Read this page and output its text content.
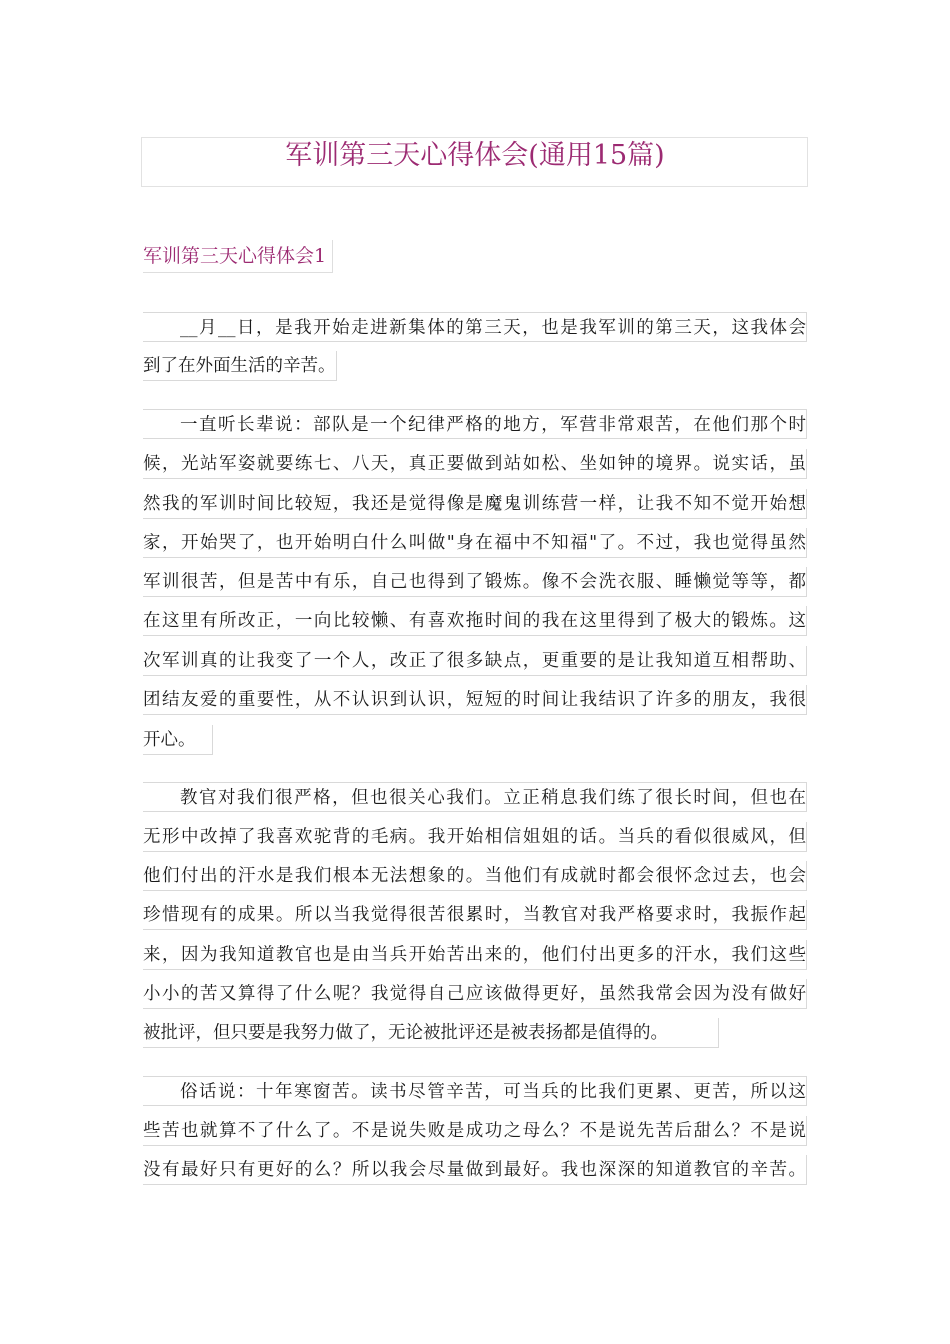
军训第三天心得体会(通用15篇)
军训第三天心得体会1
__月__日，是我开始走进新集体的第三天，也是我军训的第三天，这我体会
到了在外面生活的辛苦。
一直听长辈说：部队是一个纪律严格的地方，军营非常艰苦，在他们那个时
候，光站军姿就要练七、八天，真正要做到站如松、坐如钟的境界。说实话，虽
然我的军训时间比较短，我还是觉得像是魔鬼训练营一样，让我不知不觉开始想
家，开始哭了，也开始明白什么叫做"身在福中不知福"了。不过，我也觉得虽然
军训很苦，但是苦中有乐，自己也得到了锻炼。像不会洗衣服、睡懒觉等等，都
在这里有所改正，一向比较懒、有喜欢拖时间的我在这里得到了极大的锻炼。这
次军训真的让我变了一个人，改正了很多缺点，更重要的是让我知道互相帮助、
团结友爱的重要性，从不认识到认识，短短的时间让我结识了许多的朋友，我很
开心。
教官对我们很严格，但也很关心我们。立正稍息我们练了很长时间，但也在
无形中改掉了我喜欢驼背的毛病。我开始相信姐姐的话。当兵的看似很威风，但
他们付出的汗水是我们根本无法想象的。当他们有成就时都会很怀念过去，也会
珍惜现有的成果。所以当我觉得很苦很累时，当教官对我严格要求时，我振作起
来，因为我知道教官也是由当兵开始苦出来的，他们付出更多的汗水，我们这些
小小的苦又算得了什么呢？我觉得自己应该做得更好，虽然我常会因为没有做好
被批评，但只要是我努力做了，无论被批评还是被表扬都是值得的。
俗话说：十年寒窗苦。读书尽管辛苦，可当兵的比我们更累、更苦，所以这
些苦也就算不了什么了。不是说失败是成功之母么？不是说先苦后甜么？不是说
没有最好只有更好的么？所以我会尽量做到最好。我也深深的知道教官的辛苦。
